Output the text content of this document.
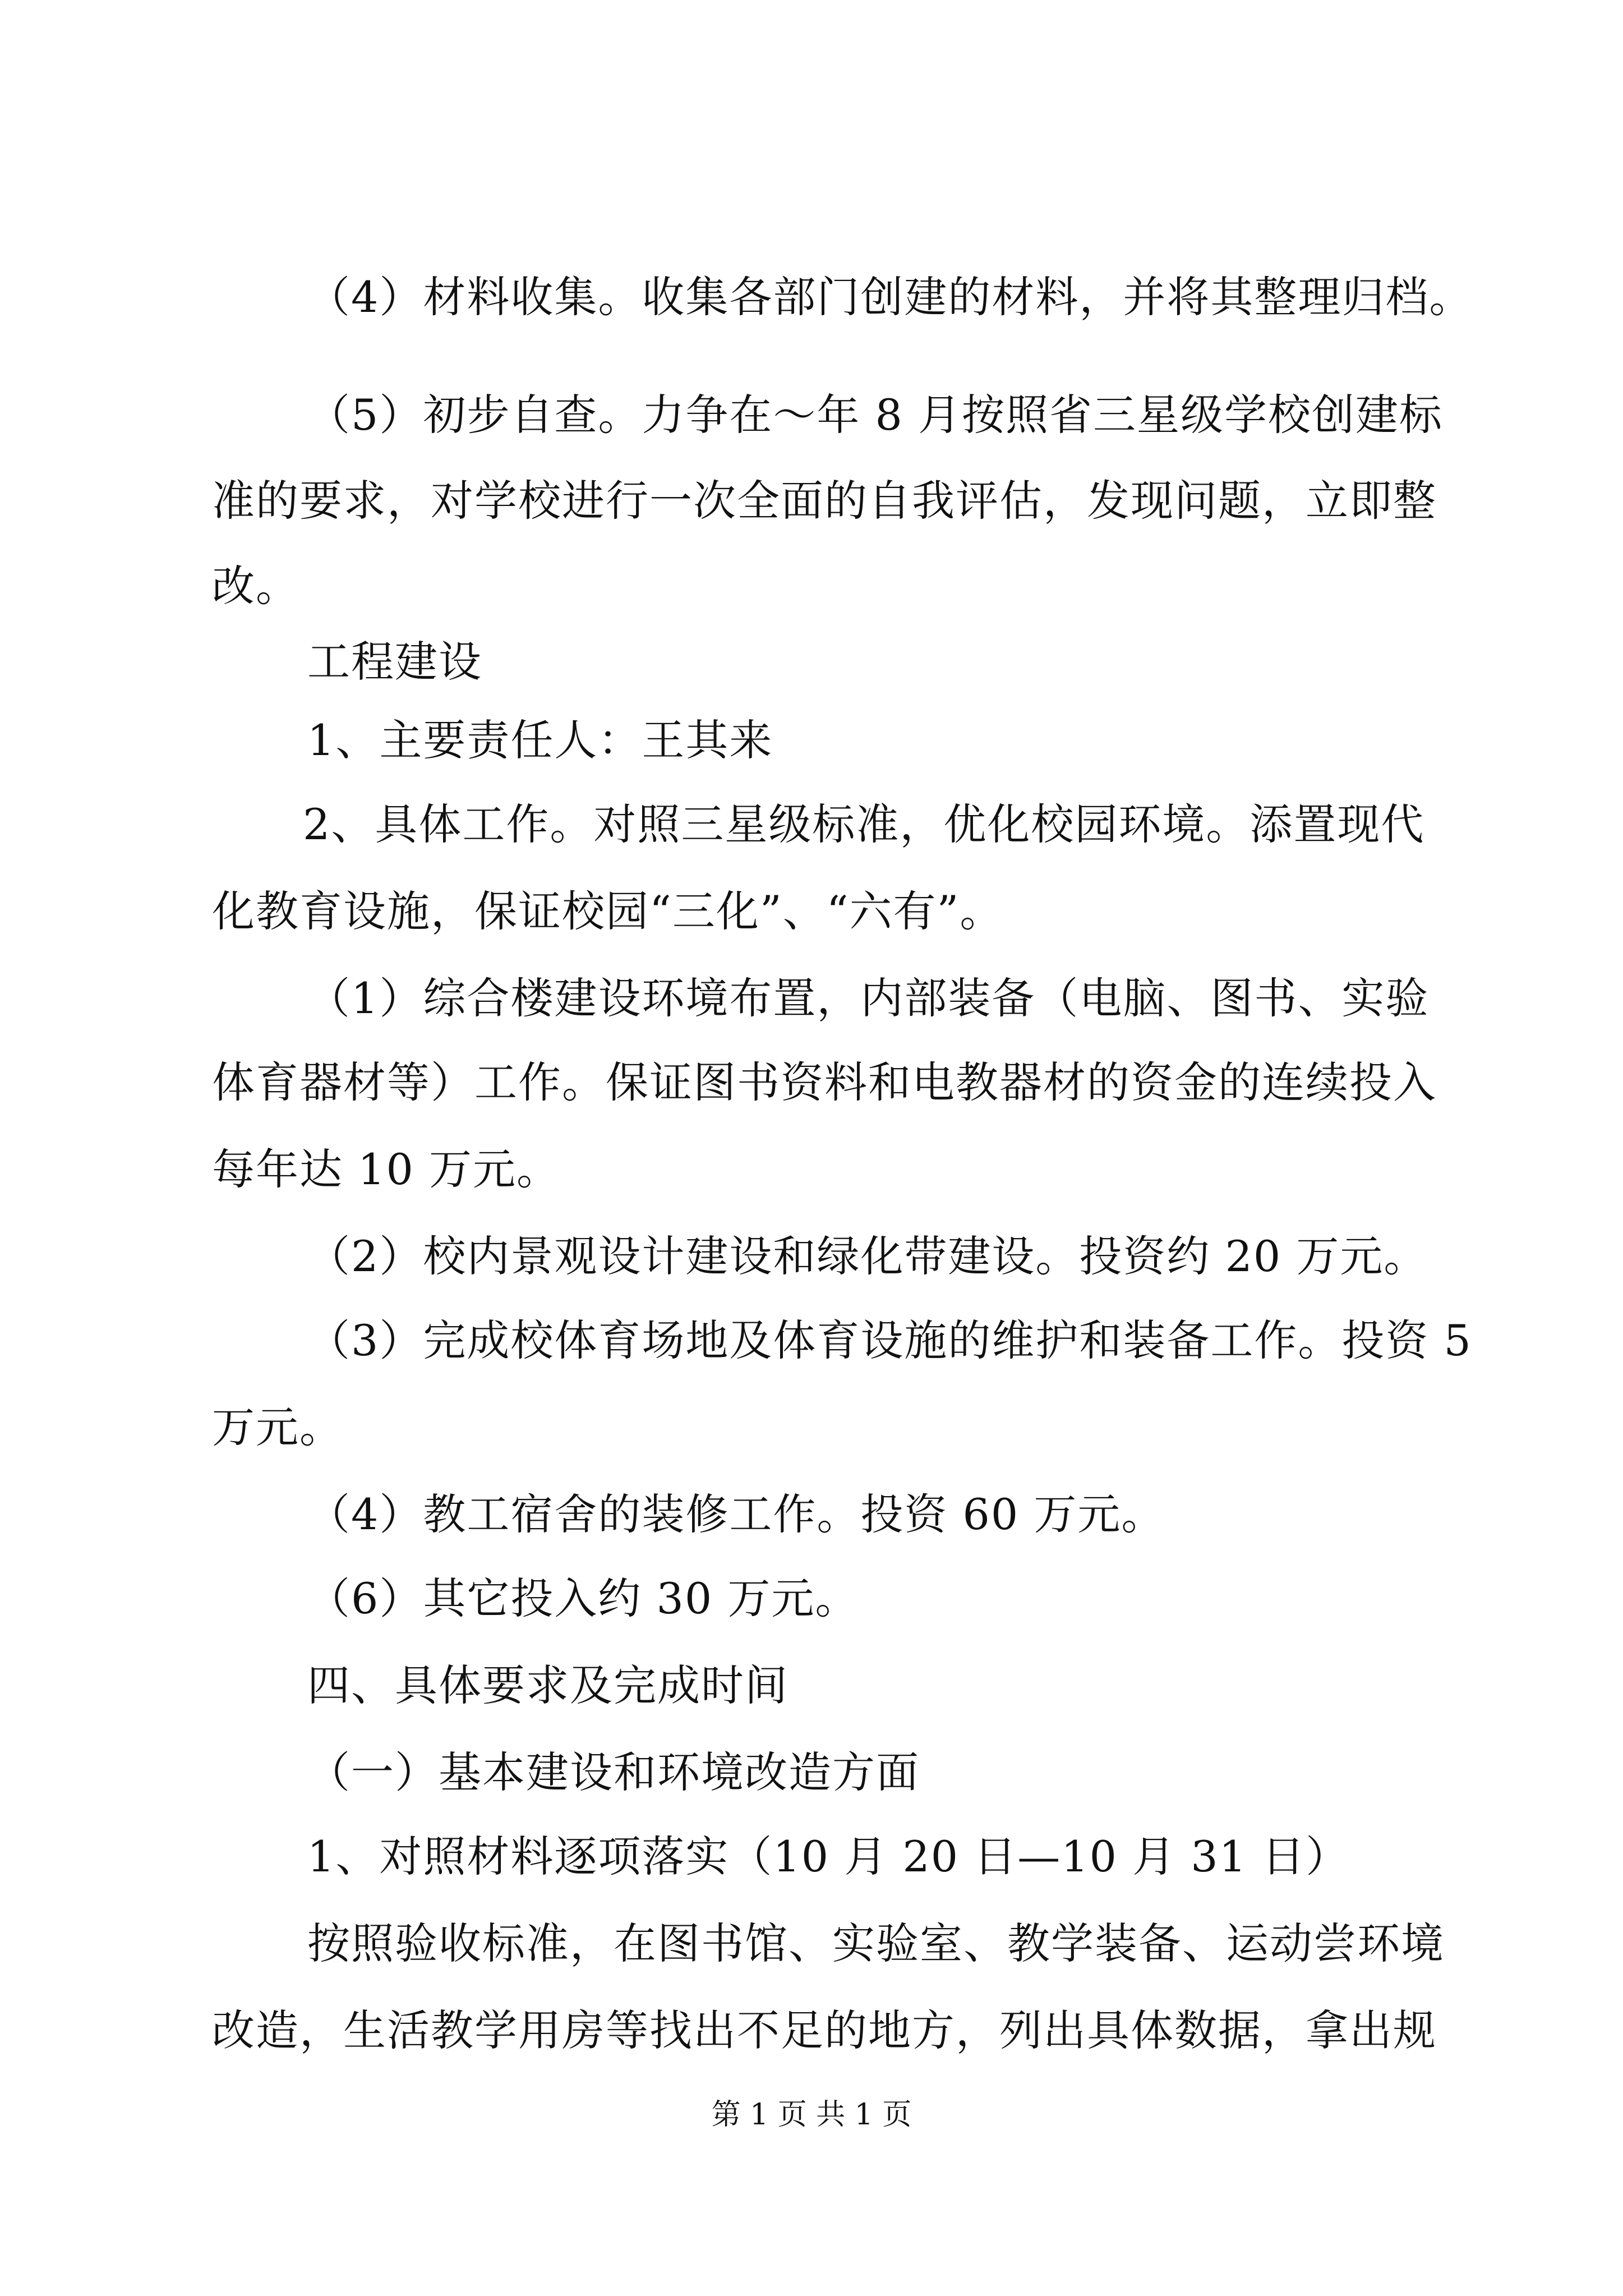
（4）材料收集。收集各部门创建的材料，并将其整理归档。
（5）初步自查。力争在～年 8 月按照省三星级学校创建标
准的要求，对学校进行一次全面的自我评估，发现问题，立即整
改。
工程建设
1、主要责任人：王其来
2、具体工作。对照三星级标准，优化校园环境。添置现代
化教育设施，保证校园“三化”、“六有”。
（1）综合楼建设环境布置，内部装备（电脑、图书、实验
体育器材等）工作。保证图书资料和电教器材的资金的连续投入
每年达 10 万元。
（2）校内景观设计建设和绿化带建设。投资约 20 万元。
（3）完成校体育场地及体育设施的维护和装备工作。投资 5
万元。
（4）教工宿舍的装修工作。投资 60 万元。
（6）其它投入约 30 万元。
四、具体要求及完成时间
（一）基本建设和环境改造方面
1、对照材料逐项落实（10 月 20 日—10 月 31 日）
按照验收标准，在图书馆、实验室、教学装备、运动尝环境
改造，生活教学用房等找出不足的地方，列出具体数据，拿出规
第 1 页 共 1 页
